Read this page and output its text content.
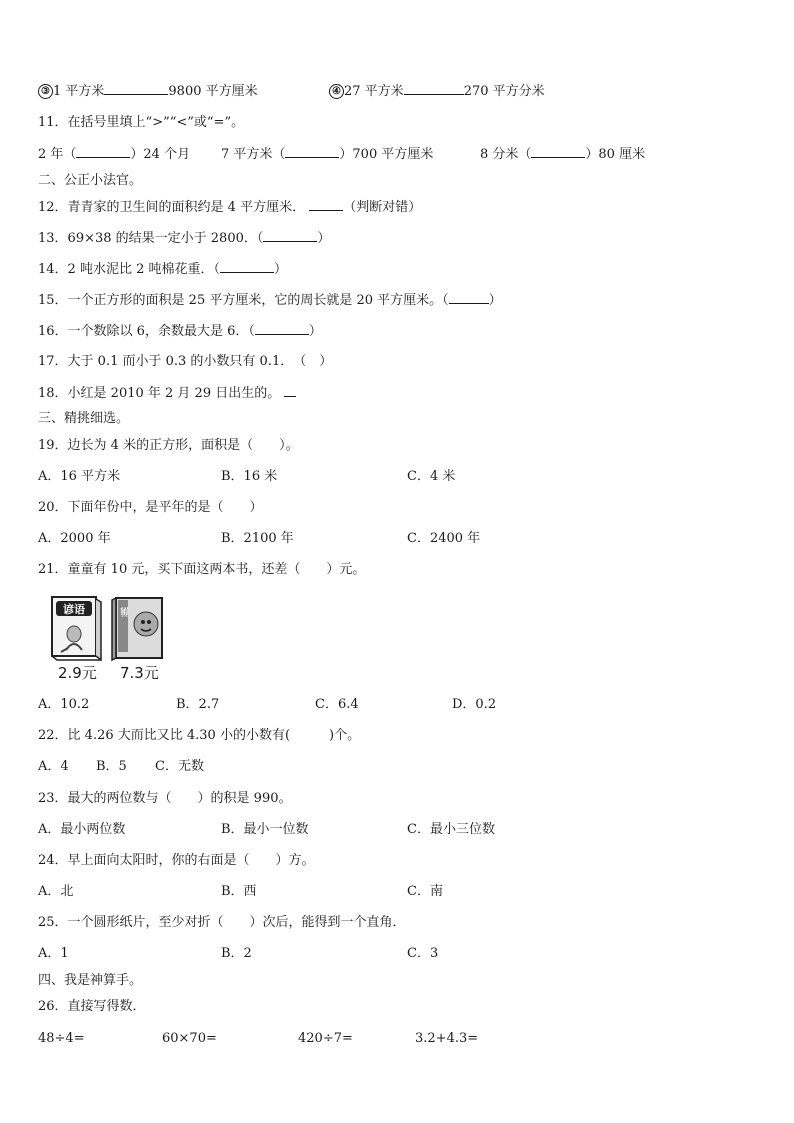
③ 1 平方米	9800 平方厘米	④ 27 平方米	270 平方分米
11．在括号里填上“>”“<”或“=”。
2 年（	）24 个月 7 平方米（	）700 平方厘米	8 分米（	）80 厘米
二、公正小法官。
12．青青家的卫生间的面积约是 4 平方厘米．	（判断对错）
13．69×38 的结果一定小于 2800．（	）
14．2 吨水泥比 2 吨棉花重．（	）
15．一个正方形的面积是 25 平方厘米，它的周长就是 20 平方厘米。（	）
16．一个数除以 6，余数最大是 6．（	）
17．大于 0.1 而小于 0.3 的小数只有 0.1．　（　）
18．小红是 2010 年 2 月 29 日出生的。
三、精挑细选。
19．边长为 4 米的正方形，面积是（　　）。
A．16 平方米	B．16 米	C．4 米
20．下面年份中，是平年的是（　　）
A．2000 年	B．2100 年	C．2400 年
21．童童有 10 元，买下面这两本书，还差（　　）元。
谚语
2.9元 7.3元
A．10.2	B．2.7	C．6.4	D．0.2
22．比 4.26 大而比又比 4.30 小的小数有(　　　)个。
A．4 B．5 C．无数
23．最大的两位数与（　　）的积是 990。
A．最小两位数	B．最小一位数	C．最小三位数
24．早上面向太阳时，你的右面是（　　）方。
A．北	B．西	C．南
25．一个圆形纸片，至少对折（　　）次后，能得到一个直角．
A．1	B．2	C．3
四、我是神算手。
26．直接写得数．
48÷4=	60×70=	420÷7=	3.2+4.3=
